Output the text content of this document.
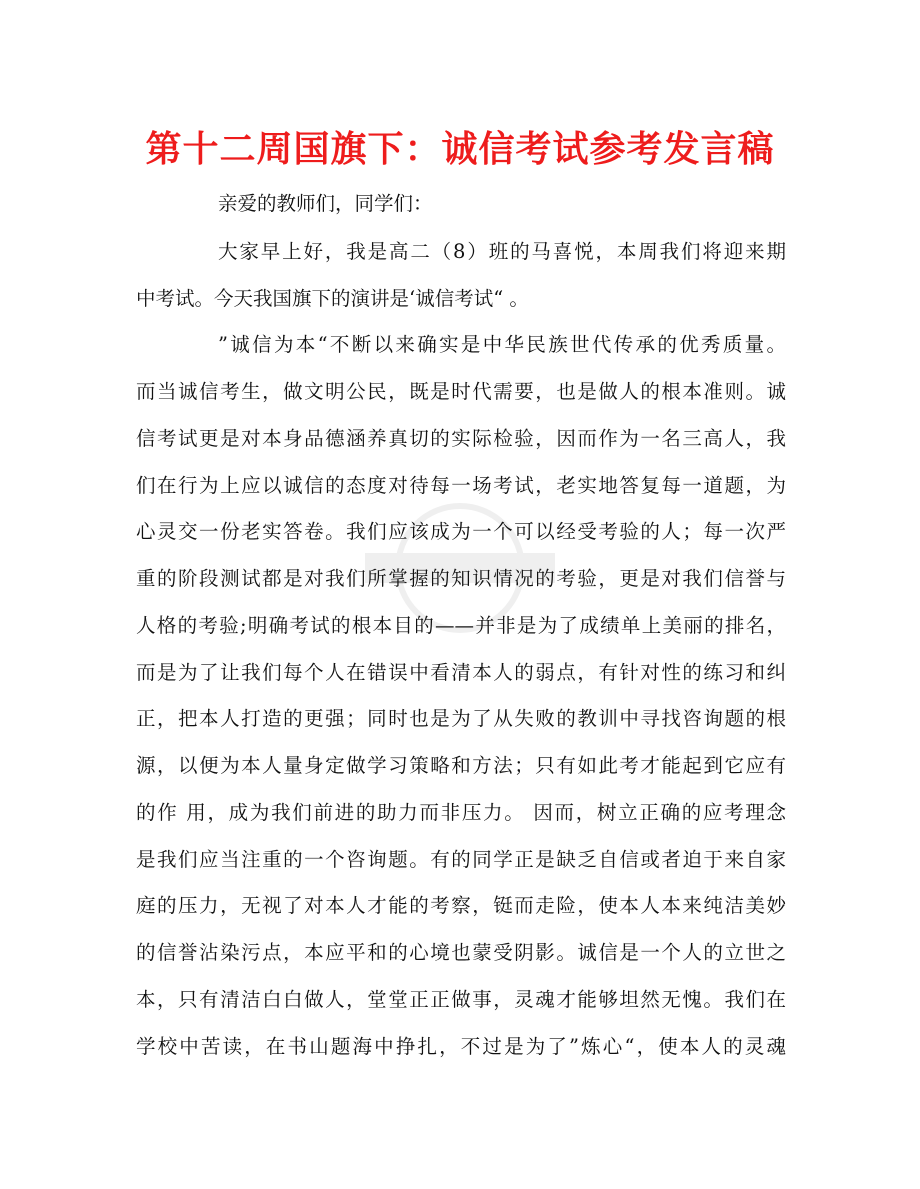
第十二周国旗下：诚信考试参考发言稿
亲爱的教师们，同学们：
大家早上好，我是高二（8）班的马喜悦，本周我们将迎来期
中考试。今天我国旗下的演讲是‘诚信考试“ 。
”诚信为本“不断以来确实是中华民族世代传承的优秀质量。
而当诚信考生，做文明公民，既是时代需要，也是做人的根本准则。诚
信考试更是对本身品德涵养真切的实际检验，因而作为一名三高人，我
们在行为上应以诚信的态度对待每一场考试，老实地答复每一道题，为
心灵交一份老实答卷。我们应该成为一个可以经受考验的人；每一次严
重的阶段测试都是对我们所掌握的知识情况的考验，更是对我们信誉与
人格的考验;明确考试的根本目的——并非是为了成绩单上美丽的排名，
而是为了让我们每个人在错误中看清本人的弱点，有针对性的练习和纠
正，把本人打造的更强；同时也是为了从失败的教训中寻找咨询题的根
源，以便为本人量身定做学习策略和方法；只有如此考才能起到它应有
的作 用，成为我们前进的助力而非压力。 因而，树立正确的应考理念
是我们应当注重的一个咨询题。有的同学正是缺乏自信或者迫于来自家
庭的压力，无视了对本人才能的考察，铤而走险，使本人本来纯洁美妙
的信誉沾染污点，本应平和的心境也蒙受阴影。诚信是一个人的立世之
本，只有清洁白白做人，堂堂正正做事，灵魂才能够坦然无愧。我们在
学校中苦读，在书山题海中挣扎，不过是为了”炼心“，使本人的灵魂
